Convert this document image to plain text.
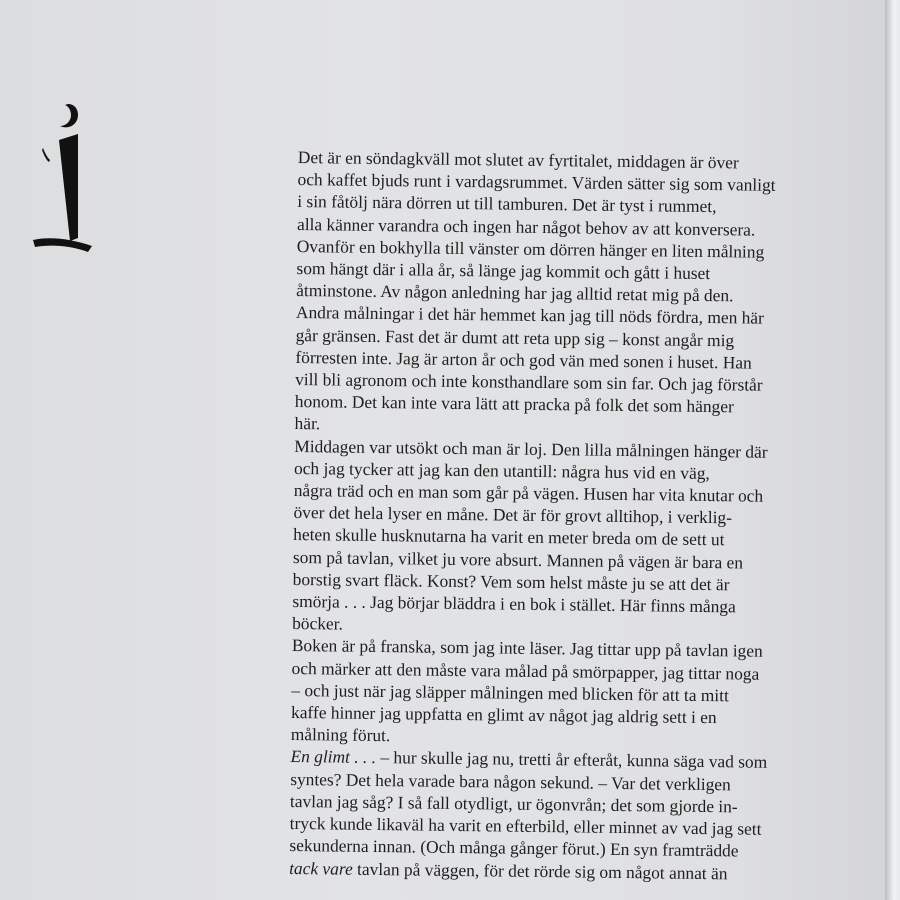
Det är en söndagkväll mot slutet av fyrtitalet, middagen är över
och kaffet bjuds runt i vardagsrummet. Värden sätter sig som vanligt
i sin fåtölj nära dörren ut till tamburen. Det är tyst i rummet,
alla känner varandra och ingen har något behov av att konversera.
Ovanför en bokhylla till vänster om dörren hänger en liten målning
som hängt där i alla år, så länge jag kommit och gått i huset
åtminstone. Av någon anledning har jag alltid retat mig på den.
Andra målningar i det här hemmet kan jag till nöds fördra, men här
går gränsen. Fast det är dumt att reta upp sig – konst angår mig
förresten inte. Jag är arton år och god vän med sonen i huset. Han
vill bli agronom och inte konsthandlare som sin far. Och jag förstår
honom. Det kan inte vara lätt att pracka på folk det som hänger
här.
Middagen var utsökt och man är loj. Den lilla målningen hänger där
och jag tycker att jag kan den utantill: några hus vid en väg,
några träd och en man som går på vägen. Husen har vita knutar och
över det hela lyser en måne. Det är för grovt alltihop, i verklig-
heten skulle husknutarna ha varit en meter breda om de sett ut
som på tavlan, vilket ju vore absurt. Mannen på vägen är bara en
borstig svart fläck. Konst? Vem som helst måste ju se att det är
smörja . . . Jag börjar bläddra i en bok i stället. Här finns många
böcker.
Boken är på franska, som jag inte läser. Jag tittar upp på tavlan igen
och märker att den måste vara målad på smörpapper, jag tittar noga
– och just när jag släpper målningen med blicken för att ta mitt
kaffe hinner jag uppfatta en glimt av något jag aldrig sett i en
målning förut.
En glimt . . . – hur skulle jag nu, tretti år efteråt, kunna säga vad som
syntes? Det hela varade bara någon sekund. – Var det verkligen
tavlan jag såg? I så fall otydligt, ur ögonvrån; det som gjorde in-
tryck kunde likaväl ha varit en efterbild, eller minnet av vad jag sett
sekunderna innan. (Och många gånger förut.) En syn framträdde
tack vare tavlan på väggen, för det rörde sig om något annat än
